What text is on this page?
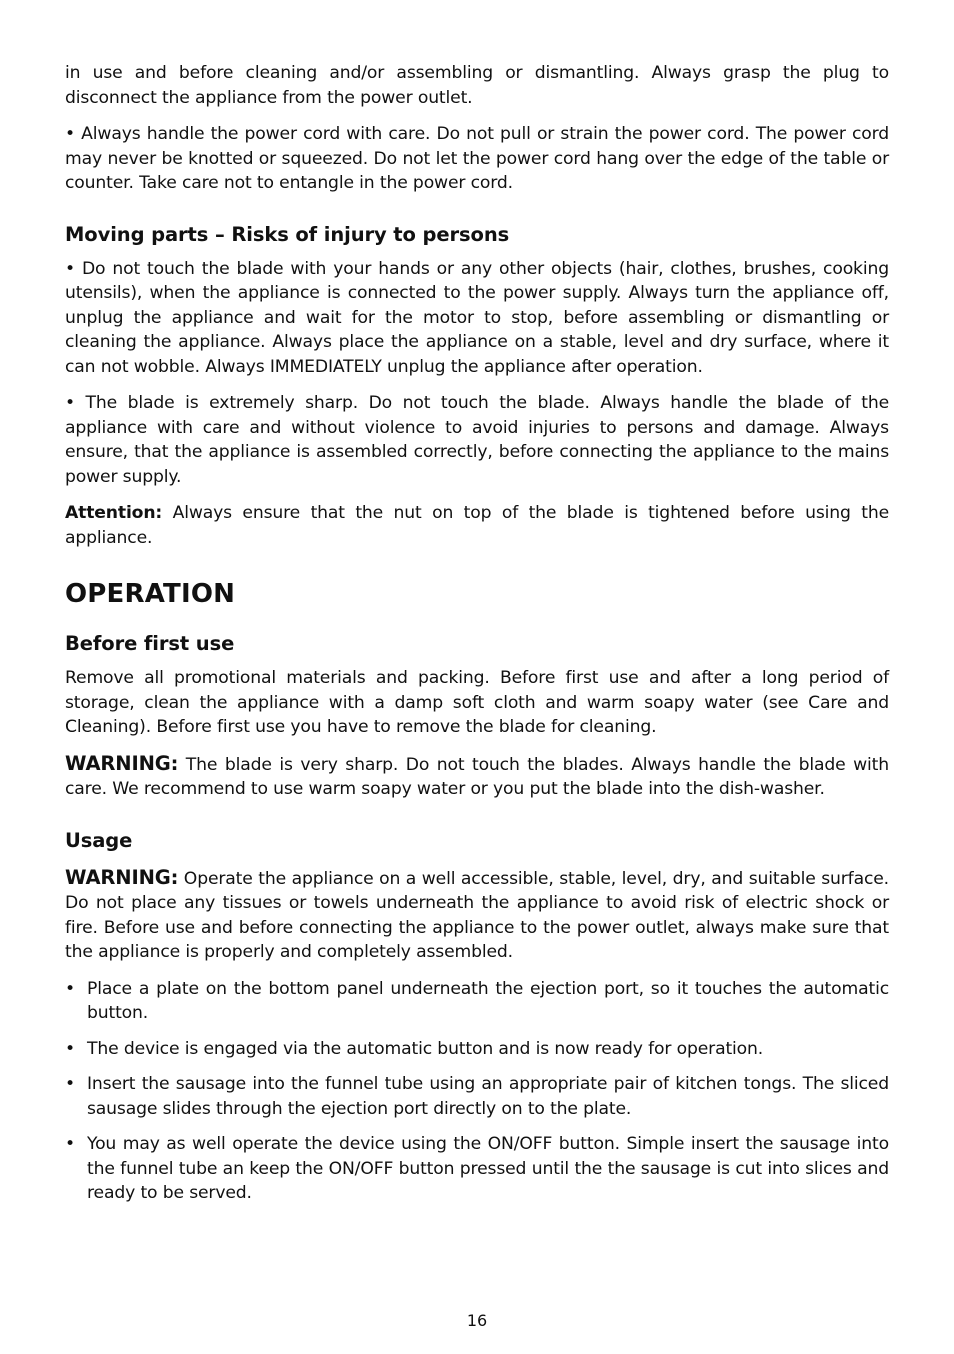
in use and before cleaning and/or assembling or dismantling. Always grasp the plug to disconnect the appliance from the power outlet.

• Always handle the power cord with care. Do not pull or strain the power cord. The power cord may never be knotted or squeezed. Do not let the power cord hang over the edge of the table or counter. Take care not to entangle in the power cord.

Moving parts – Risks of injury to persons

• Do not touch the blade with your hands or any other objects (hair, clothes, brushes, cooking utensils), when the appliance is connected to the power supply. Always turn the appliance off, unplug the appliance and wait for the motor to stop, before assembling or dismantling or cleaning the appliance. Always place the appliance on a stable, level and dry surface, where it can not wobble. Always IMMEDIATELY unplug the appliance after operation.

• The blade is extremely sharp. Do not touch the blade. Always handle the blade of the appliance with care and without violence to avoid injuries to persons and damage. Always ensure, that the appliance is assembled correctly, before connecting the appliance to the mains power supply.

Attention: Always ensure that the nut on top of the blade is tightened before using the appliance.

OPERATION
Before first use

Remove all promotional materials and packing. Before first use and after a long period of storage, clean the appliance with a damp soft cloth and warm soapy water (see Care and Cleaning). Before first use you have to remove the blade for cleaning.

WARNING: The blade is very sharp. Do not touch the blades. Always handle the blade with care. We recommend to use warm soapy water or you put the blade into the dish-washer.

Usage

WARNING: Operate the appliance on a well accessible, stable, level, dry, and suitable surface. Do not place any tissues or towels underneath the appliance to avoid risk of electric shock or fire. Before use and before connecting the appliance to the power outlet, always make sure that the appliance is properly and completely assembled.

• Place a plate on the bottom panel underneath the ejection port, so it touches the automatic button.
• The device is engaged via the automatic button and is now ready for operation.
• Insert the sausage into the funnel tube using an appropriate pair of kitchen tongs. The sliced sausage slides through the ejection port directly on to the plate.
• You may as well operate the device using the ON/OFF button. Simple insert the sausage into the funnel tube an keep the ON/OFF button pressed until the the sausage is cut into slices and ready to be served.
16
